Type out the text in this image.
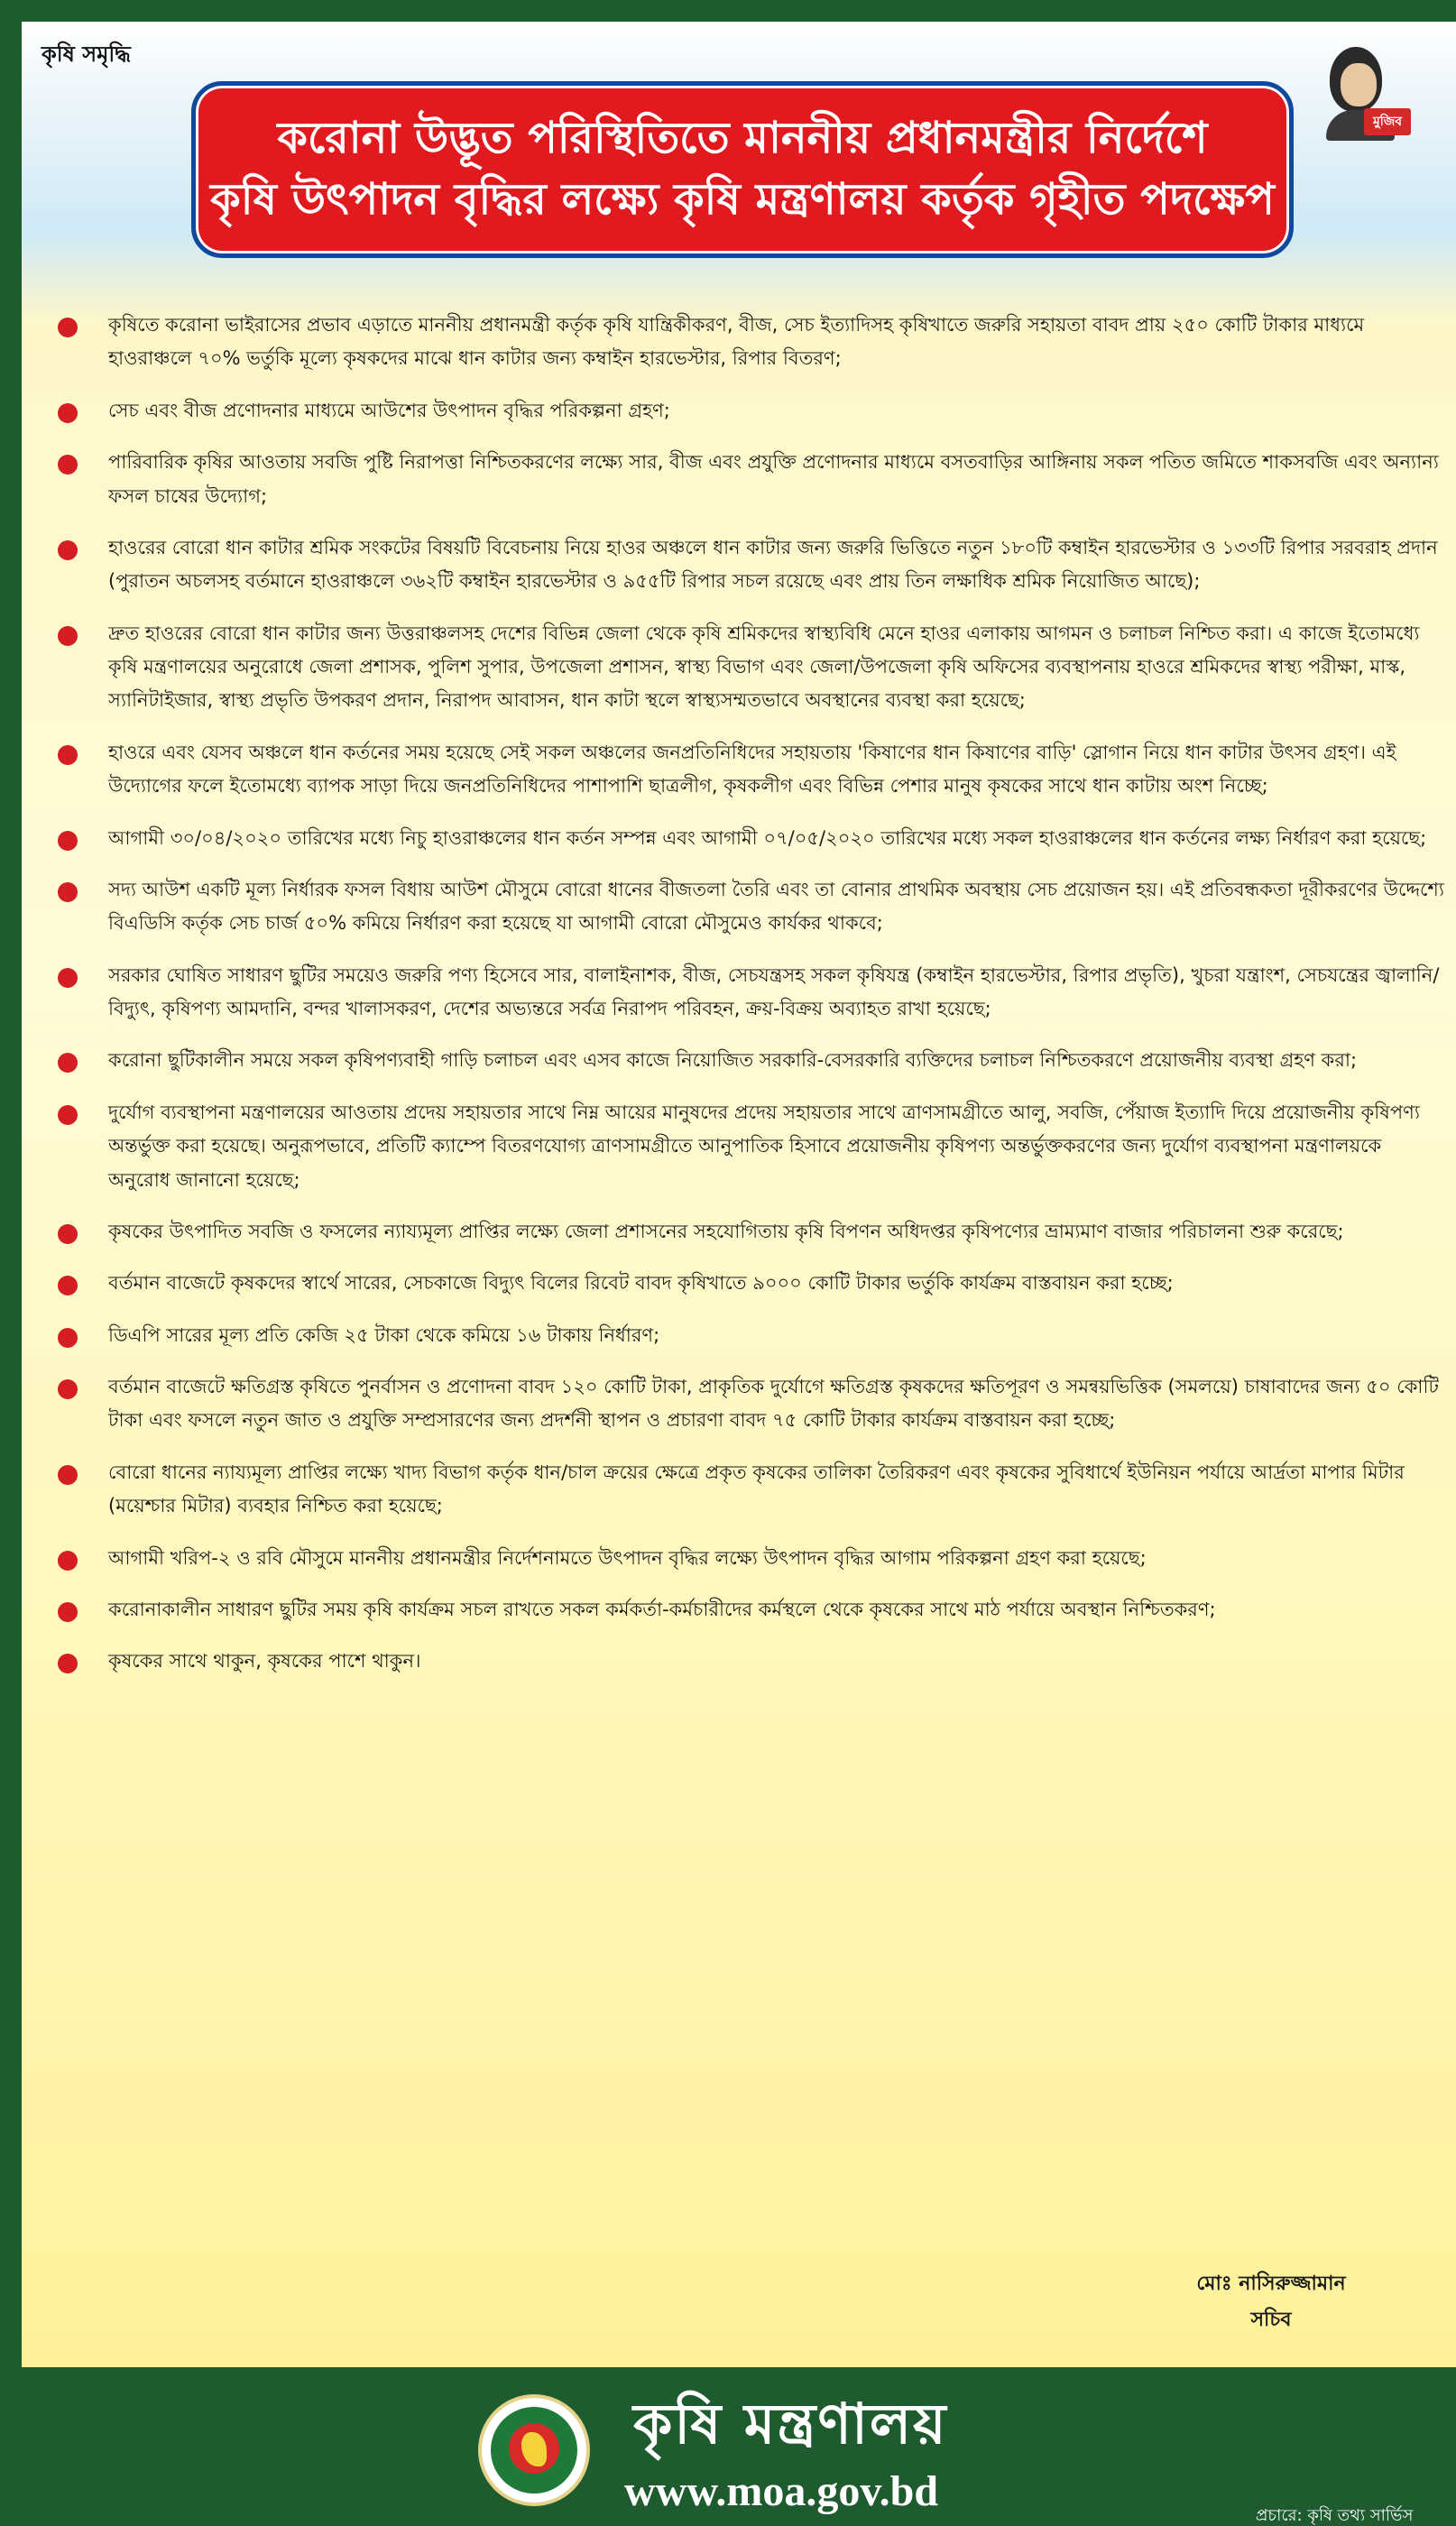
কৃষি সমৃদ্ধি
মুজিব
করোনা উদ্ভূত পরিস্থিতিতে মাননীয় প্রধানমন্ত্রীর নির্দেশে
কৃষি উৎপাদন বৃদ্ধির লক্ষ্যে কৃষি মন্ত্রণালয় কর্তৃক গৃহীত পদক্ষেপ
কৃষিতে করোনা ভাইরাসের প্রভাব এড়াতে মাননীয় প্রধানমন্ত্রী কর্তৃক কৃষি যান্ত্রিকীকরণ, বীজ, সেচ ইত্যাদিসহ কৃষিখাতে জরুরি সহায়তা বাবদ প্রায় ২৫০ কোটি টাকার মাধ্যমে হাওরাঞ্চলে ৭০% ভর্তুকি মূল্যে কৃষকদের মাঝে ধান কাটার জন্য কম্বাইন হারভেস্টার, রিপার বিতরণ;
সেচ এবং বীজ প্রণোদনার মাধ্যমে আউশের উৎপাদন বৃদ্ধির পরিকল্পনা গ্রহণ;
পারিবারিক কৃষির আওতায় সবজি পুষ্টি নিরাপত্তা নিশ্চিতকরণের লক্ষ্যে সার, বীজ এবং প্রযুক্তি প্রণোদনার মাধ্যমে বসতবাড়ির আঙ্গিনায় সকল পতিত জমিতে শাকসবজি এবং অন্যান্য ফসল চাষের উদ্যোগ;
হাওরের বোরো ধান কাটার শ্রমিক সংকটের বিষয়টি বিবেচনায় নিয়ে হাওর অঞ্চলে ধান কাটার জন্য জরুরি ভিত্তিতে নতুন ১৮০টি কম্বাইন হারভেস্টার ও ১৩৩টি রিপার সরবরাহ প্রদান (পুরাতন অচলসহ বর্তমানে হাওরাঞ্চলে ৩৬২টি কম্বাইন হারভেস্টার ও ৯৫৫টি রিপার সচল রয়েছে এবং প্রায় তিন লক্ষাধিক শ্রমিক নিয়োজিত আছে);
দ্রুত হাওরের বোরো ধান কাটার জন্য উত্তরাঞ্চলসহ দেশের বিভিন্ন জেলা থেকে কৃষি শ্রমিকদের স্বাস্থ্যবিধি মেনে হাওর এলাকায় আগমন ও চলাচল নিশ্চিত করা। এ কাজে ইতোমধ্যে কৃষি মন্ত্রণালয়ের অনুরোধে জেলা প্রশাসক, পুলিশ সুপার, উপজেলা প্রশাসন, স্বাস্থ্য বিভাগ এবং জেলা/উপজেলা কৃষি অফিসের ব্যবস্থাপনায় হাওরে শ্রমিকদের স্বাস্থ্য পরীক্ষা, মাস্ক, স্যানিটাইজার, স্বাস্থ্য প্রভৃতি উপকরণ প্রদান, নিরাপদ আবাসন, ধান কাটা স্থলে স্বাস্থ্যসম্মতভাবে অবস্থানের ব্যবস্থা করা হয়েছে;
হাওরে এবং যেসব অঞ্চলে ধান কর্তনের সময় হয়েছে সেই সকল অঞ্চলের জনপ্রতিনিধিদের সহায়তায় 'কিষাণের ধান কিষাণের বাড়ি' স্লোগান নিয়ে ধান কাটার উৎসব গ্রহণ। এই উদ্যোগের ফলে ইতোমধ্যে ব্যাপক সাড়া দিয়ে জনপ্রতিনিধিদের পাশাপাশি ছাত্রলীগ, কৃষকলীগ এবং বিভিন্ন পেশার মানুষ কৃষকের সাথে ধান কাটায় অংশ নিচ্ছে;
আগামী ৩০/০৪/২০২০ তারিখের মধ্যে নিচু হাওরাঞ্চলের ধান কর্তন সম্পন্ন এবং আগামী ০৭/০৫/২০২০ তারিখের মধ্যে সকল হাওরাঞ্চলের ধান কর্তনের লক্ষ্য নির্ধারণ করা হয়েছে;
সদ্য আউশ একটি মূল্য নির্ধারক ফসল বিধায় আউশ মৌসুমে বোরো ধানের বীজতলা তৈরি এবং তা বোনার প্রাথমিক অবস্থায় সেচ প্রয়োজন হয়। এই প্রতিবন্ধকতা দূরীকরণের উদ্দেশ্যে বিএডিসি কর্তৃক সেচ চার্জ ৫০% কমিয়ে নির্ধারণ করা হয়েছে যা আগামী বোরো মৌসুমেও কার্যকর থাকবে;
সরকার ঘোষিত সাধারণ ছুটির সময়েও জরুরি পণ্য হিসেবে সার, বালাইনাশক, বীজ, সেচযন্ত্রসহ সকল কৃষিযন্ত্র (কম্বাইন হারভেস্টার, রিপার প্রভৃতি), খুচরা যন্ত্রাংশ, সেচযন্ত্রের জ্বালানি/বিদ্যুৎ, কৃষিপণ্য আমদানি, বন্দর খালাসকরণ, দেশের অভ্যন্তরে সর্বত্র নিরাপদ পরিবহন, ক্রয়-বিক্রয় অব্যাহত রাখা হয়েছে;
করোনা ছুটিকালীন সময়ে সকল কৃষিপণ্যবাহী গাড়ি চলাচল এবং এসব কাজে নিয়োজিত সরকারি-বেসরকারি ব্যক্তিদের চলাচল নিশ্চিতকরণে প্রয়োজনীয় ব্যবস্থা গ্রহণ করা;
দুর্যোগ ব্যবস্থাপনা মন্ত্রণালয়ের আওতায় প্রদেয় সহায়তার সাথে নিম্ন আয়ের মানুষদের প্রদেয় সহায়তার সাথে ত্রাণসামগ্রীতে আলু, সবজি, পেঁয়াজ ইত্যাদি দিয়ে প্রয়োজনীয় কৃষিপণ্য অন্তর্ভুক্ত করা হয়েছে। অনুরূপভাবে, প্রতিটি ক্যাম্পে বিতরণযোগ্য ত্রাণসামগ্রীতে আনুপাতিক হিসাবে প্রয়োজনীয় কৃষিপণ্য অন্তর্ভুক্তকরণের জন্য দুর্যোগ ব্যবস্থাপনা মন্ত্রণালয়কে অনুরোধ জানানো হয়েছে;
কৃষকের উৎপাদিত সবজি ও ফসলের ন্যায্যমূল্য প্রাপ্তির লক্ষ্যে জেলা প্রশাসনের সহযোগিতায় কৃষি বিপণন অধিদপ্তর কৃষিপণ্যের ভ্রাম্যমাণ বাজার পরিচালনা শুরু করেছে;
বর্তমান বাজেটে কৃষকদের স্বার্থে সারের, সেচকাজে বিদ্যুৎ বিলের রিবেট বাবদ কৃষিখাতে ৯০০০ কোটি টাকার ভর্তুকি কার্যক্রম বাস্তবায়ন করা হচ্ছে;
ডিএপি সারের মূল্য প্রতি কেজি ২৫ টাকা থেকে কমিয়ে ১৬ টাকায় নির্ধারণ;
বর্তমান বাজেটে ক্ষতিগ্রস্ত কৃষিতে পুনর্বাসন ও প্রণোদনা বাবদ ১২০ কোটি টাকা, প্রাকৃতিক দুর্যোগে ক্ষতিগ্রস্ত কৃষকদের ক্ষতিপূরণ ও সমন্বয়ভিত্তিক (সমলয়ে) চাষাবাদের জন্য ৫০ কোটি টাকা এবং ফসলে নতুন জাত ও প্রযুক্তি সম্প্রসারণের জন্য প্রদর্শনী স্থাপন ও প্রচারণা বাবদ ৭৫ কোটি টাকার কার্যক্রম বাস্তবায়ন করা হচ্ছে;
বোরো ধানের ন্যায্যমূল্য প্রাপ্তির লক্ষ্যে খাদ্য বিভাগ কর্তৃক ধান/চাল ক্রয়ের ক্ষেত্রে প্রকৃত কৃষকের তালিকা তৈরিকরণ এবং কৃষকের সুবিধার্থে ইউনিয়ন পর্যায়ে আর্দ্রতা মাপার মিটার (ময়েশ্চার মিটার) ব্যবহার নিশ্চিত করা হয়েছে;
আগামী খরিপ-২ ও রবি মৌসুমে মাননীয় প্রধানমন্ত্রীর নির্দেশনামতে উৎপাদন বৃদ্ধির লক্ষ্যে উৎপাদন বৃদ্ধির আগাম পরিকল্পনা গ্রহণ করা হয়েছে;
করোনাকালীন সাধারণ ছুটির সময় কৃষি কার্যক্রম সচল রাখতে সকল কর্মকর্তা-কর্মচারীদের কর্মস্থলে থেকে কৃষকের সাথে মাঠ পর্যায়ে অবস্থান নিশ্চিতকরণ;
কৃষকের সাথে থাকুন, কৃষকের পাশে থাকুন।
মোঃ নাসিরুজ্জামান
সচিব
কৃষি মন্ত্রণালয়
www.moa.gov.bd
প্রচারে: কৃষি তথ্য সার্ভিস
